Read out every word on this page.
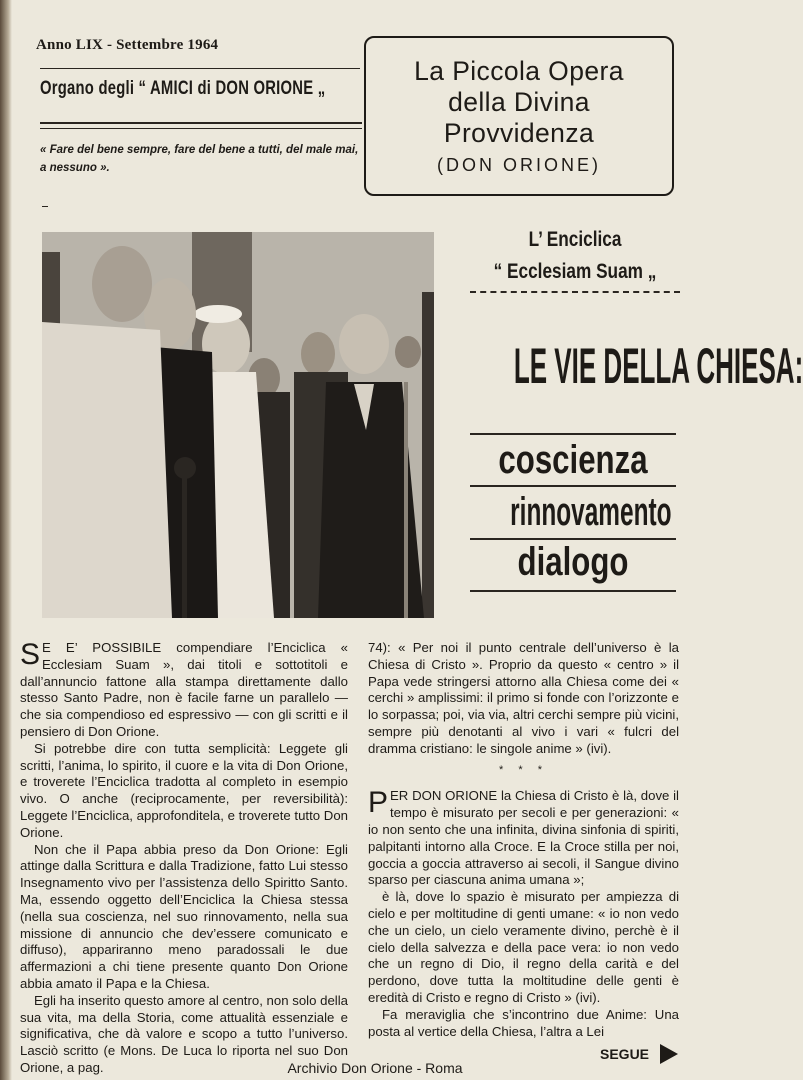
Anno LIX - Settembre 1964
Organo degli “ AMICI di DON ORIONE „
« Fare del bene sempre, fare del bene a tutti, del male mai, a nessuno ».
La Piccola Opera
della Divina
Provvidenza
(DON ORIONE)
L’ Enciclica
“ Ecclesiam Suam „
LE VIE DELLA CHIESA:
coscienza
rinnovamento
dialogo

S E E’ POSSIBILE compendiare l’Enciclica « Ecclesiam Suam », dai titoli e sottotitoli e dall’annuncio fattone alla stampa direttamente dallo stesso Santo Padre, non è facile farne un parallelo — che sia compendioso ed espressivo — con gli scritti e il pensiero di Don Orione.

Si potrebbe dire con tutta semplicità: Leggete gli scritti, l’anima, lo spirito, il cuore e la vita di Don Orione, e troverete l’Enciclica tradotta al completo in esempio vivo. O anche (reciprocamente, per reversibilità): Leggete l’Enciclica, approfonditela, e troverete tutto Don Orione.

Non che il Papa abbia preso da Don Orione: Egli attinge dalla Scrittura e dalla Tradizione, fatto Lui stesso Insegnamento vivo per l’assistenza dello Spiritto Santo. Ma, essendo oggetto dell’Enciclica la Chiesa stessa (nella sua coscienza, nel suo rinnovamento, nella sua missione di annuncio che dev’essere comunicato e diffuso), appariranno meno paradossali le due affermazioni a chi tiene presente quanto Don Orione abbia amato il Papa e la Chiesa.

Egli ha inserito questo amore al centro, non solo della sua vita, ma della Storia, come attualità essenziale e significativa, che dà valore e scopo a tutto l’universo. Lasciò scritto (e Mons. De Luca lo riporta nel suo Don Orione, a pag.

74): « Per noi il punto centrale dell’universo è la Chiesa di Cristo ». Proprio da questo « centro » il Papa vede stringersi attorno alla Chiesa come dei « cerchi » amplissimi: il primo si fonde con l’orizzonte e lo sorpassa; poi, via via, altri cerchi sempre più vicini, sempre più denotanti al vivo i vari « fulcri del dramma cristiano: le singole anime » (ivi).

* * *

PER DON ORIONE la Chiesa di Cristo è là, dove il tempo è misurato per secoli e per generazioni: « io non sento che una infinita, divina sinfonia di spiriti, palpitanti intorno alla Croce. E la Croce stilla per noi, goccia a goccia attraverso ai secoli, il Sangue divino sparso per ciascuna anima umana »;

è là, dove lo spazio è misurato per ampiezza di cielo e per moltitudine di genti umane: « io non vedo che un cielo, un cielo veramente divino, perchè è il cielo della salvezza e della pace vera: io non vedo che un regno di Dio, il regno della carità e del perdono, dove tutta la moltitudine delle genti è eredità di Cristo e regno di Cristo » (ivi).

Fa meraviglia che s’incontrino due Anime: Una posta al vertice della Chiesa, l’altra a Lei

SEGUE
Archivio Don Orione - Roma
